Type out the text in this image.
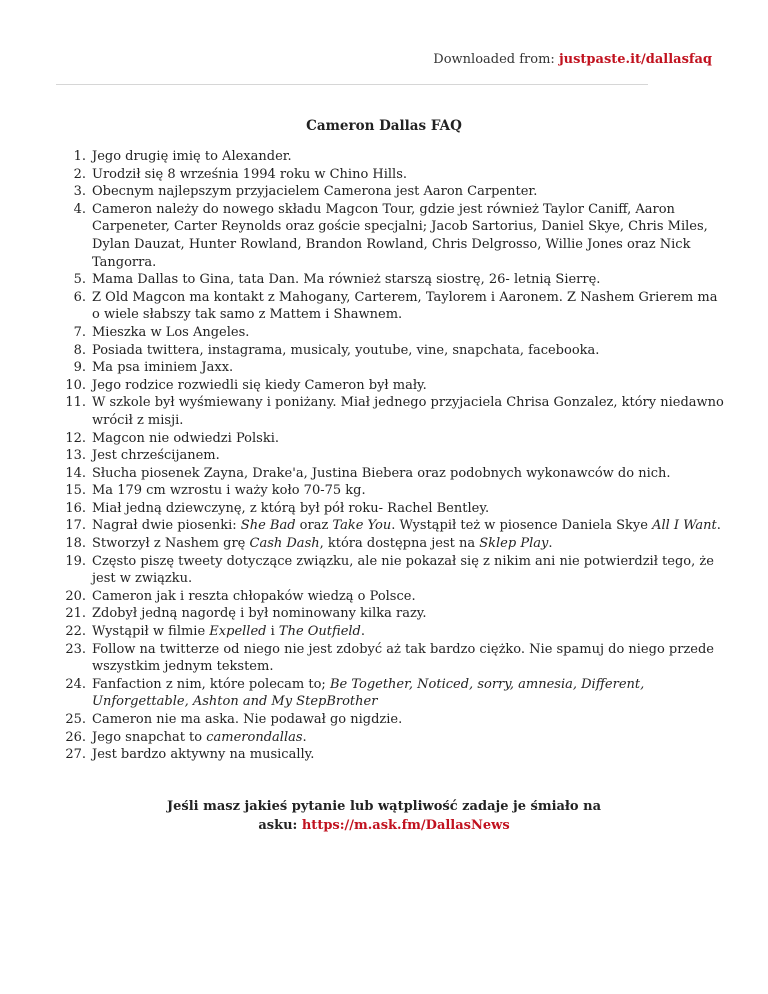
Downloaded from: justpaste.it/dallasfaq
Cameron Dallas FAQ
Jego drugię imię to Alexander.
Urodził się 8 września 1994 roku w Chino Hills.
Obecnym najlepszym przyjacielem Camerona jest Aaron Carpenter.
Cameron należy do nowego składu Magcon Tour, gdzie jest również Taylor Caniff, Aaron Carpeneter, Carter Reynolds oraz goście specjalni; Jacob Sartorius, Daniel Skye, Chris Miles, Dylan Dauzat, Hunter Rowland, Brandon Rowland, Chris Delgrosso, Willie Jones oraz Nick Tangorra.
Mama Dallas to Gina, tata Dan. Ma również starszą siostrę, 26- letnią Sierrę.
Z Old Magcon ma kontakt z Mahogany, Carterem, Taylorem i Aaronem. Z Nashem Grierem ma o wiele słabszy tak samo z Mattem i Shawnem.
Mieszka w Los Angeles.
Posiada twittera, instagrama, musicaly, youtube, vine, snapchata, facebooka.
Ma psa iminiem Jaxx.
Jego rodzice rozwiedli się kiedy Cameron był mały.
W szkole był wyśmiewany i poniżany. Miał jednego przyjaciela Chrisa Gonzalez, który niedawno wrócił z misji.
Magcon nie odwiedzi Polski.
Jest chrześcijanem.
Słucha piosenek Zayna, Drake'a, Justina Biebera oraz podobnych wykonawców do nich.
Ma 179 cm wzrostu i waży koło 70-75 kg.
Miał jedną dziewczynę, z którą był pół roku- Rachel Bentley.
Nagrał dwie piosenki: She Bad oraz Take You. Wystąpił też w piosence Daniela Skye All I Want.
Stworzył z Nashem grę Cash Dash, która dostępna jest na Sklep Play.
Często piszę tweety dotyczące związku, ale nie pokazał się z nikim ani nie potwierdził tego, że jest w związku.
Cameron jak i reszta chłopaków wiedzą o Polsce.
Zdobył jedną nagordę i był nominowany kilka razy.
Wystąpił w filmie Expelled i The Outfield.
Follow na twitterze od niego nie jest zdobyć aż tak bardzo ciężko. Nie spamuj do niego przede wszystkim jednym tekstem.
Fanfaction z nim, które polecam to; Be Together, Noticed, sorry, amnesia, Different, Unforgettable, Ashton and My StepBrother
Cameron nie ma aska. Nie podawał go nigdzie.
Jego snapchat to camerondallas.
Jest bardzo aktywny na musically.
Jeśli masz jakieś pytanie lub wątpliwość zadaje je śmiało na
asku: https://m.ask.fm/DallasNews
